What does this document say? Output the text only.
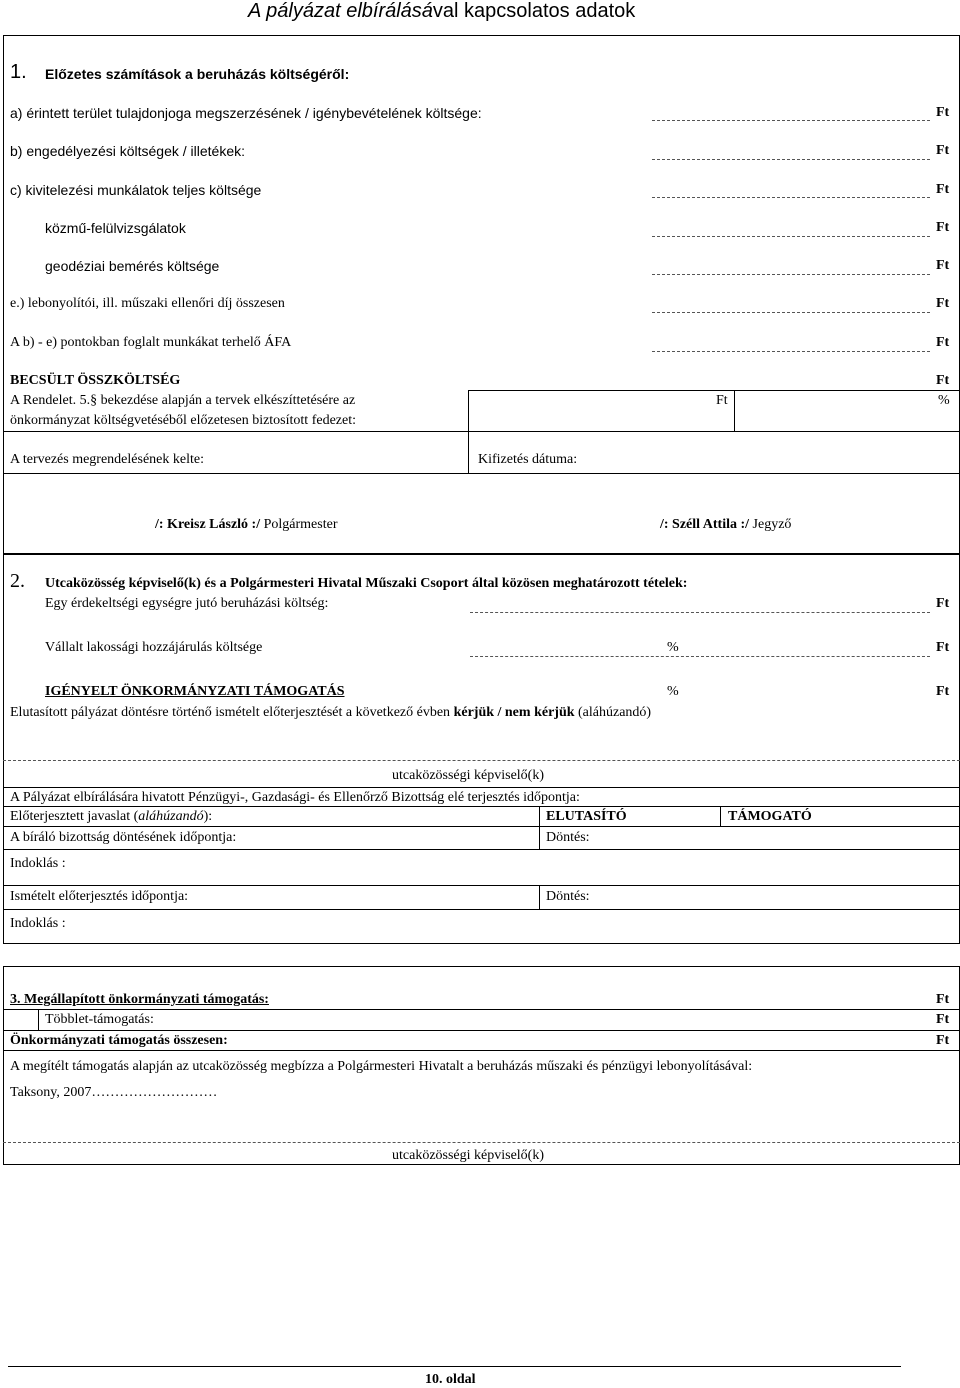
A pályázat elbírálásával kapcsolatos adatok
1. Előzetes számítások a beruházás költségéről:
a) érintett terület tulajdonjoga megszerzésének / igénybevételének költsége:	Ft
b) engedélyezési költségek / illetékek:	Ft
c) kivitelezési munkálatok teljes költsége	Ft
közmű-felülvizsgálatok	Ft
geodéziai bemérés költsége	Ft
e.) lebonyolítói, ill. műszaki ellenőri díj összesen	Ft
A b) - e) pontokban foglalt munkákat terhelő ÁFA	Ft
BECSÜLT ÖSSZKÖLTSÉG	Ft
A Rendelet. 5.§ bekezdése alapján a tervek elkészíttetésére az
önkormányzat költségvetéséből előzetesen biztosított fedezet:
Ft	%
A tervezés megrendelésének kelte:	Kifizetés dátuma:
/: Kreisz László :/ Polgármester	/: Széll Attila :/ Jegyző
2. Utcaközösség képviselő(k) és a Polgármesteri Hivatal Műszaki Csoport által közösen meghatározott tételek:
Egy érdekeltségi egységre jutó beruházási költség:	Ft
Vállalt lakossági hozzájárulás költsége	%	Ft
IGÉNYELT ÖNKORMÁNYZATI TÁMOGATÁS	%	Ft
Elutasított pályázat döntésre történő ismételt előterjesztését a következő évben kérjük / nem kérjük (aláhúzandó)
utcaközösségi képviselő(k)
A Pályázat elbírálására hivatott Pénzügyi-, Gazdasági- és Ellenőrző Bizottság elé terjesztés időpontja:
Előterjesztett javaslat (aláhúzandó):	ELUTASÍTÓ	TÁMOGATÓ
A bíráló bizottság döntésének időpontja:	Döntés:
Indoklás :
Ismételt előterjesztés időpontja:	Döntés:
Indoklás :
3. Megállapított önkormányzati támogatás:	Ft
Többlet-támogatás:	Ft
Önkormányzati támogatás összesen:	Ft
A megítélt támogatás alapján az utcaközösség megbízza a Polgármesteri Hivatalt a beruházás műszaki és pénzügyi lebonyolításával:
Taksony, 2007………………………
utcaközösségi képviselő(k)
10. oldal
